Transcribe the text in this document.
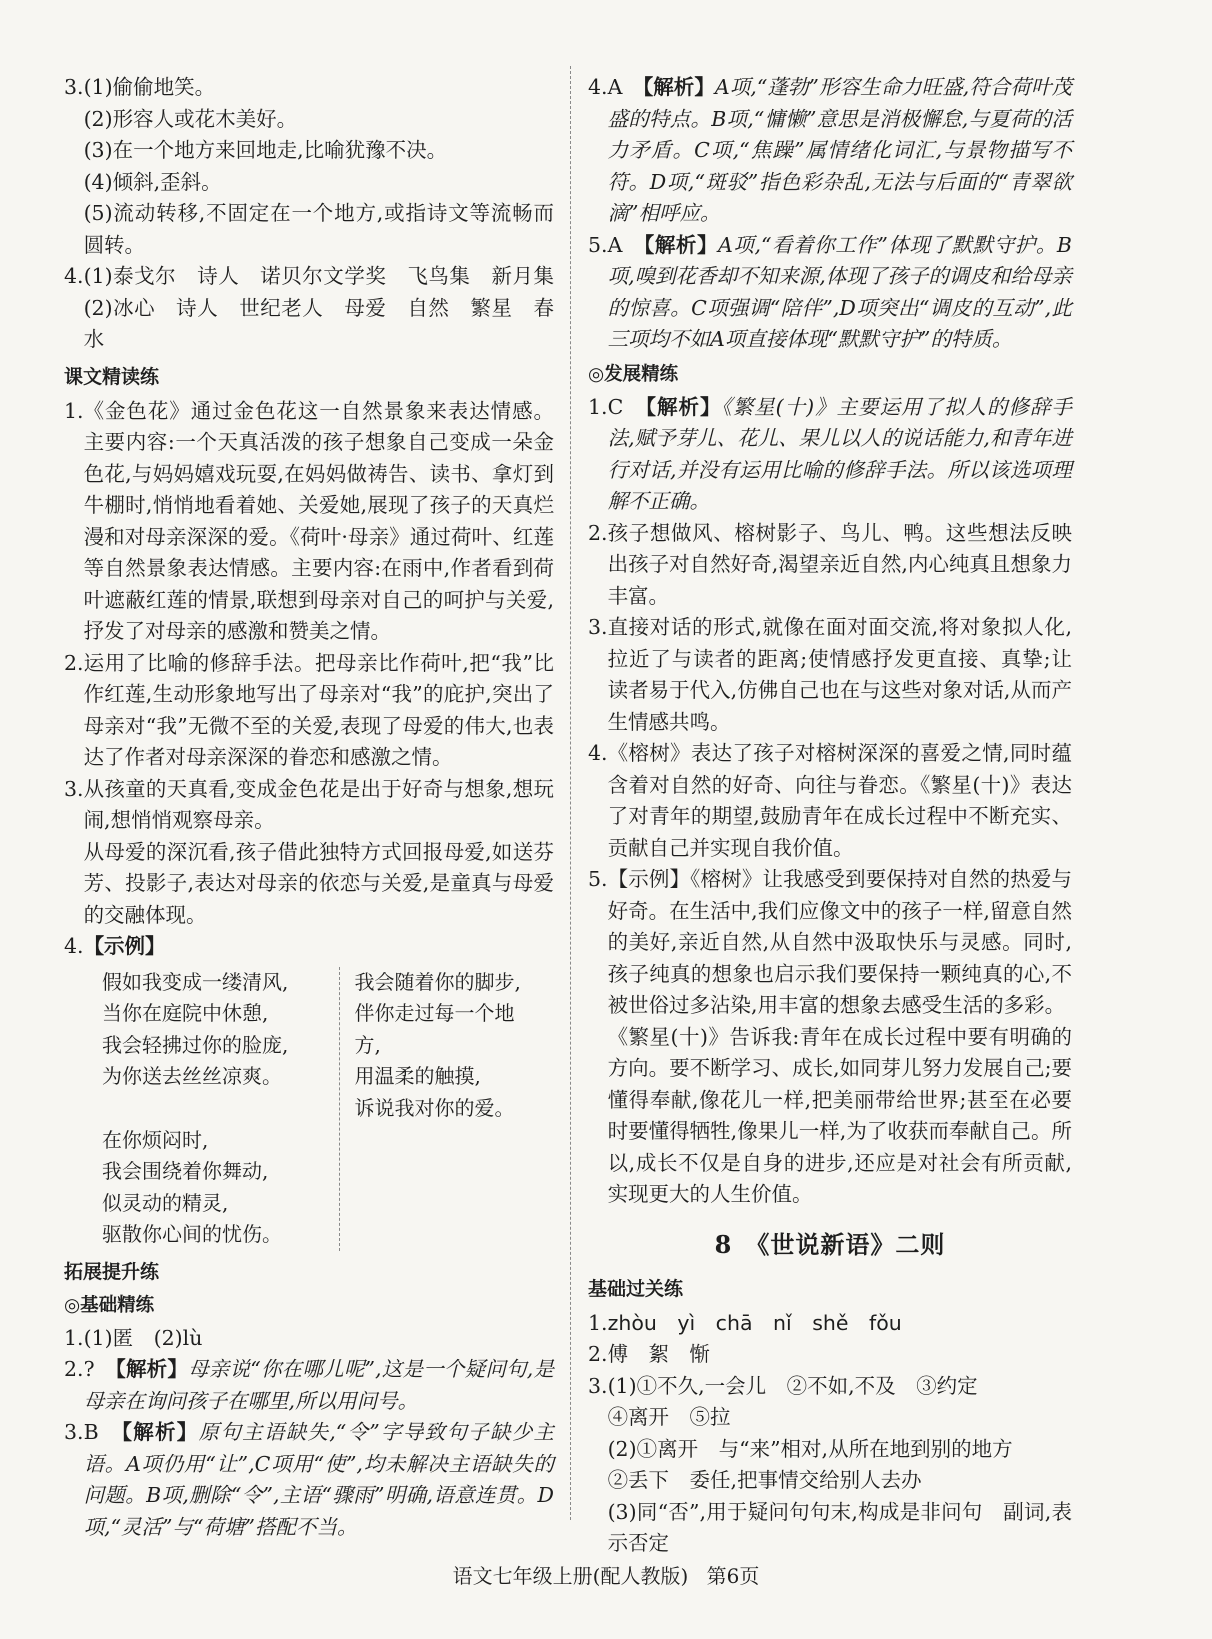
3. (1)偷偷地笑。
(2)形容人或花木美好。
(3)在一个地方来回地走,比喻犹豫不决。
(4)倾斜,歪斜。
(5)流动转移,不固定在一个地方,或指诗文等流畅而圆转。
4. (1)泰戈尔　诗人　诺贝尔文学奖　飞鸟集　新月集　(2)冰心　诗人　世纪老人　母爱　自然　繁星　春水
课文精读练
1. 《金色花》通过金色花这一自然景象来表达情感。主要内容:一个天真活泼的孩子想象自己变成一朵金色花,与妈妈嬉戏玩耍,在妈妈做祷告、读书、拿灯到牛棚时,悄悄地看着她、关爱她,展现了孩子的天真烂漫和对母亲深深的爱。《荷叶·母亲》通过荷叶、红莲等自然景象表达情感。主要内容:在雨中,作者看到荷叶遮蔽红莲的情景,联想到母亲对自己的呵护与关爱,抒发了对母亲的感激和赞美之情。
2. 运用了比喻的修辞手法。把母亲比作荷叶,把“我”比作红莲,生动形象地写出了母亲对“我”的庇护,突出了母亲对“我”无微不至的关爱,表现了母爱的伟大,也表达了作者对母亲深深的眷恋和感激之情。
3. 从孩童的天真看,变成金色花是出于好奇与想象,想玩闹,想悄悄观察母亲。
从母爱的深沉看,孩子借此独特方式回报母爱,如送芬芳、投影子,表达对母亲的依恋与关爱,是童真与母爱的交融体现。
4. 【示例】
假如我变成一缕清风,
当你在庭院中休憩,
我会轻拂过你的脸庞,
为你送去丝丝凉爽。
在你烦闷时,
我会围绕着你舞动,
似灵动的精灵,
驱散你心间的忧伤。
我会随着你的脚步,
伴你走过每一个地
方,
用温柔的触摸,
诉说我对你的爱。
拓展提升练
◎基础精练
1. (1)匿　(2)lù
2. ?　 【解析】母亲说“你在哪儿呢”,这是一个疑问句,是母亲在询问孩子在哪里,所以用问号。
3. B　 【解析】原句主语缺失,“令”字导致句子缺少主语。A项仍用“让”,C项用“使”,均未解决主语缺失的问题。B项,删除“令”,主语“骤雨”明确,语意连贯。D项,“灵活”与“荷塘”搭配不当。
4. A　 【解析】A项,“蓬勃”形容生命力旺盛,符合荷叶茂盛的特点。B项,“慵懒”意思是消极懈怠,与夏荷的活力矛盾。C项,“焦躁”属情绪化词汇,与景物描写不符。D项,“斑驳”指色彩杂乱,无法与后面的“青翠欲滴”相呼应。
5. A　 【解析】A项,“看着你工作”体现了默默守护。B项,嗅到花香却不知来源,体现了孩子的调皮和给母亲的惊喜。C项强调“陪伴”,D项突出“调皮的互动”,此三项均不如A项直接体现“默默守护”的特质。
◎发展精练
1. C　 【解析】《繁星(十)》主要运用了拟人的修辞手法,赋予芽儿、花儿、果儿以人的说话能力,和青年进行对话,并没有运用比喻的修辞手法。所以该选项理解不正确。
2. 孩子想做风、榕树影子、鸟儿、鸭。这些想法反映出孩子对自然好奇,渴望亲近自然,内心纯真且想象力丰富。
3. 直接对话的形式,就像在面对面交流,将对象拟人化,拉近了与读者的距离;使情感抒发更直接、真挚;让读者易于代入,仿佛自己也在与这些对象对话,从而产生情感共鸣。
4. 《榕树》表达了孩子对榕树深深的喜爱之情,同时蕴含着对自然的好奇、向往与眷恋。《繁星(十)》表达了对青年的期望,鼓励青年在成长过程中不断充实、贡献自己并实现自我价值。
5. 【示例】《榕树》让我感受到要保持对自然的热爱与好奇。在生活中,我们应像文中的孩子一样,留意自然的美好,亲近自然,从自然中汲取快乐与灵感。同时,孩子纯真的想象也启示我们要保持一颗纯真的心,不被世俗过多沾染,用丰富的想象去感受生活的多彩。
《繁星(十)》告诉我:青年在成长过程中要有明确的方向。要不断学习、成长,如同芽儿努力发展自己;要懂得奉献,像花儿一样,把美丽带给世界;甚至在必要时要懂得牺牲,像果儿一样,为了收获而奉献自己。所以,成长不仅是自身的进步,还应是对社会有所贡献,实现更大的人生价值。
8　《世说新语》二则
基础过关练
1. zhòu　yì　chā　nǐ　shě　fǒu
2. 傅　絮　惭
3. (1)①不久,一会儿　②不如,不及　③约定
④离开　⑤拉
(2)①离开　与“来”相对,从所在地到别的地方
②丢下　委任,把事情交给别人去办
(3)同“否”,用于疑问句句末,构成是非问句　副词,表示否定
语文七年级上册(配人教版) 第6页
